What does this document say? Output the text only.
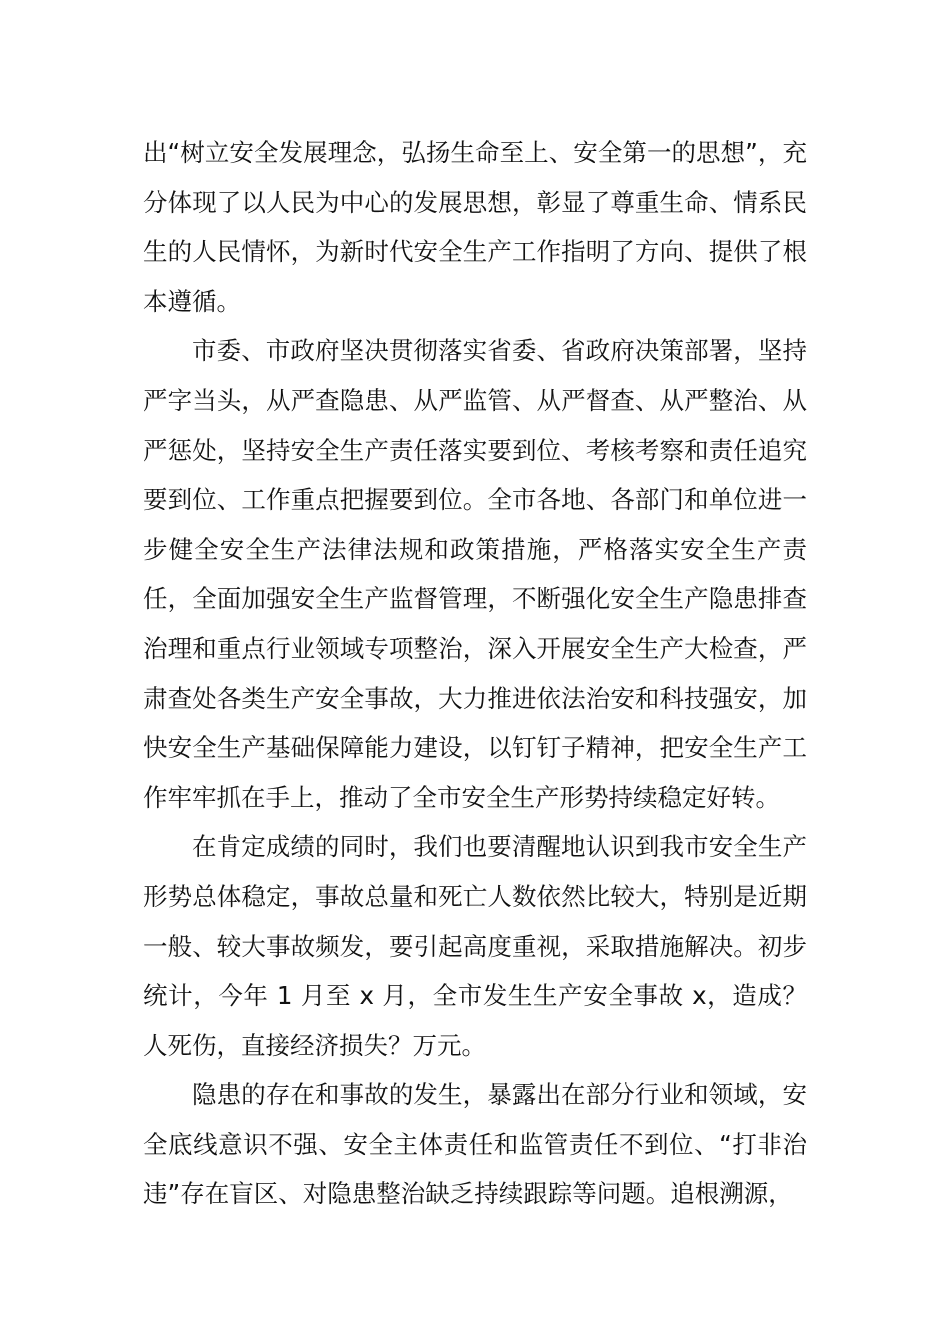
出“树立安全发展理念，弘扬生命至上、安全第一的思想”，充分体现了以人民为中心的发展思想，彰显了尊重生命、情系民生的人民情怀，为新时代安全生产工作指明了方向、提供了根本遵循。

市委、市政府坚决贯彻落实省委、省政府决策部署，坚持严字当头，从严查隐患、从严监管、从严督查、从严整治、从严惩处，坚持安全生产责任落实要到位、考核考察和责任追究要到位、工作重点把握要到位。全市各地、各部门和单位进一步健全安全生产法律法规和政策措施，严格落实安全生产责任，全面加强安全生产监督管理，不断强化安全生产隐患排查治理和重点行业领域专项整治，深入开展安全生产大检查，严肃查处各类生产安全事故，大力推进依法治安和科技强安，加快安全生产基础保障能力建设，以钉钉子精神，把安全生产工作牢牢抓在手上，推动了全市安全生产形势持续稳定好转。

在肯定成绩的同时，我们也要清醒地认识到我市安全生产形势总体稳定，事故总量和死亡人数依然比较大，特别是近期一般、较大事故频发，要引起高度重视，采取措施解决。初步统计，今年 1 月至 x 月，全市发生生产安全事故 x，造成？人死伤，直接经济损失？万元。

隐患的存在和事故的发生，暴露出在部分行业和领域，安全底线意识不强、安全主体责任和监管责任不到位、“打非治违”存在盲区、对隐患整治缺乏持续跟踪等问题。追根溯源，
